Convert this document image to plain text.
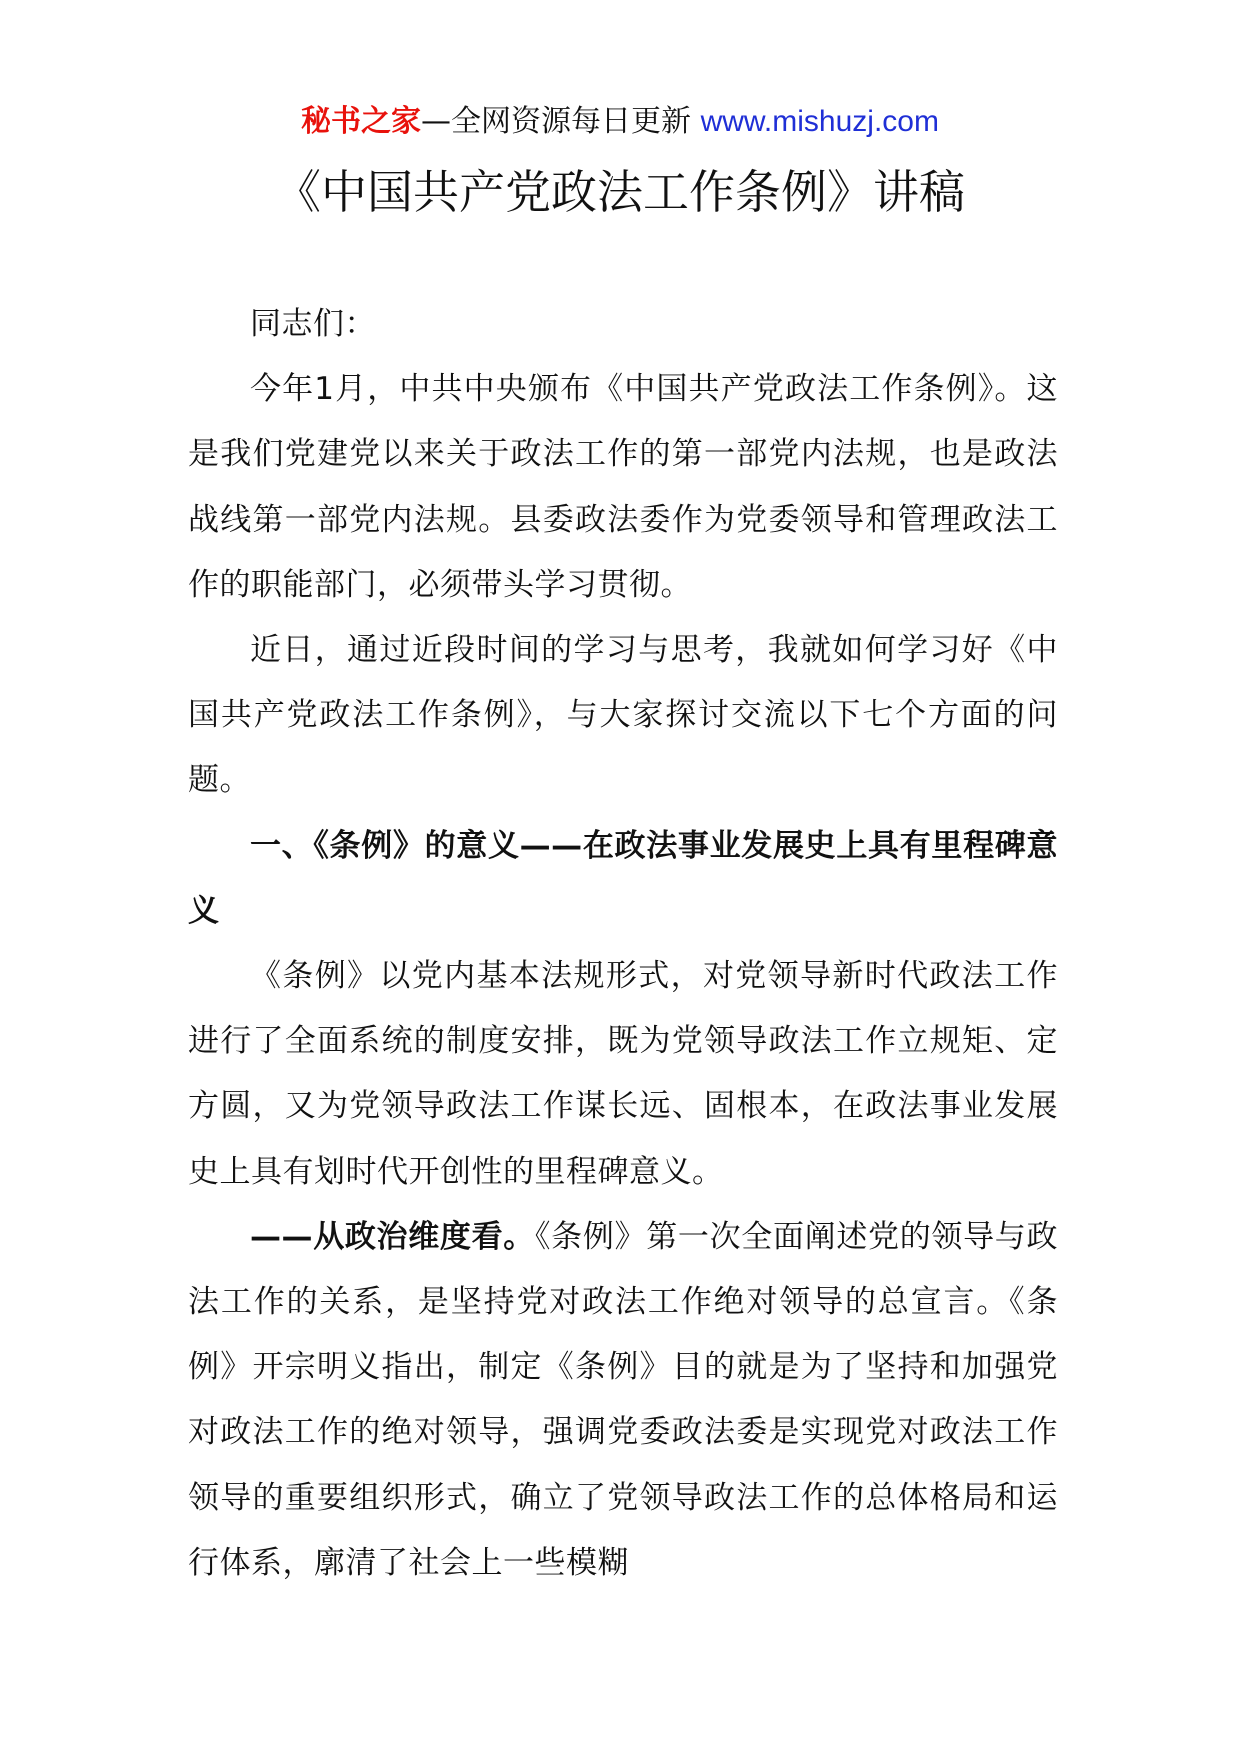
秘书之家—全网资源每日更新 www.mishuzj.com
《中国共产党政法工作条例》讲稿

同志们：

今年1月，中共中央颁布《中国共产党政法工作条例》。这是我们党建党以来关于政法工作的第一部党内法规，也是政法战线第一部党内法规。县委政法委作为党委领导和管理政法工作的职能部门，必须带头学习贯彻。

近日，通过近段时间的学习与思考，我就如何学习好《中国共产党政法工作条例》，与大家探讨交流以下七个方面的问题。

一、《条例》的意义——在政法事业发展史上具有里程碑意义

《条例》以党内基本法规形式，对党领导新时代政法工作进行了全面系统的制度安排，既为党领导政法工作立规矩、定方圆，又为党领导政法工作谋长远、固根本，在政法事业发展史上具有划时代开创性的里程碑意义。

——从政治维度看。《条例》第一次全面阐述党的领导与政法工作的关系，是坚持党对政法工作绝对领导的总宣言。《条例》开宗明义指出，制定《条例》目的就是为了坚持和加强党对政法工作的绝对领导，强调党委政法委是实现党对政法工作领导的重要组织形式，确立了党领导政法工作的总体格局和运行体系，廓清了社会上一些模糊
